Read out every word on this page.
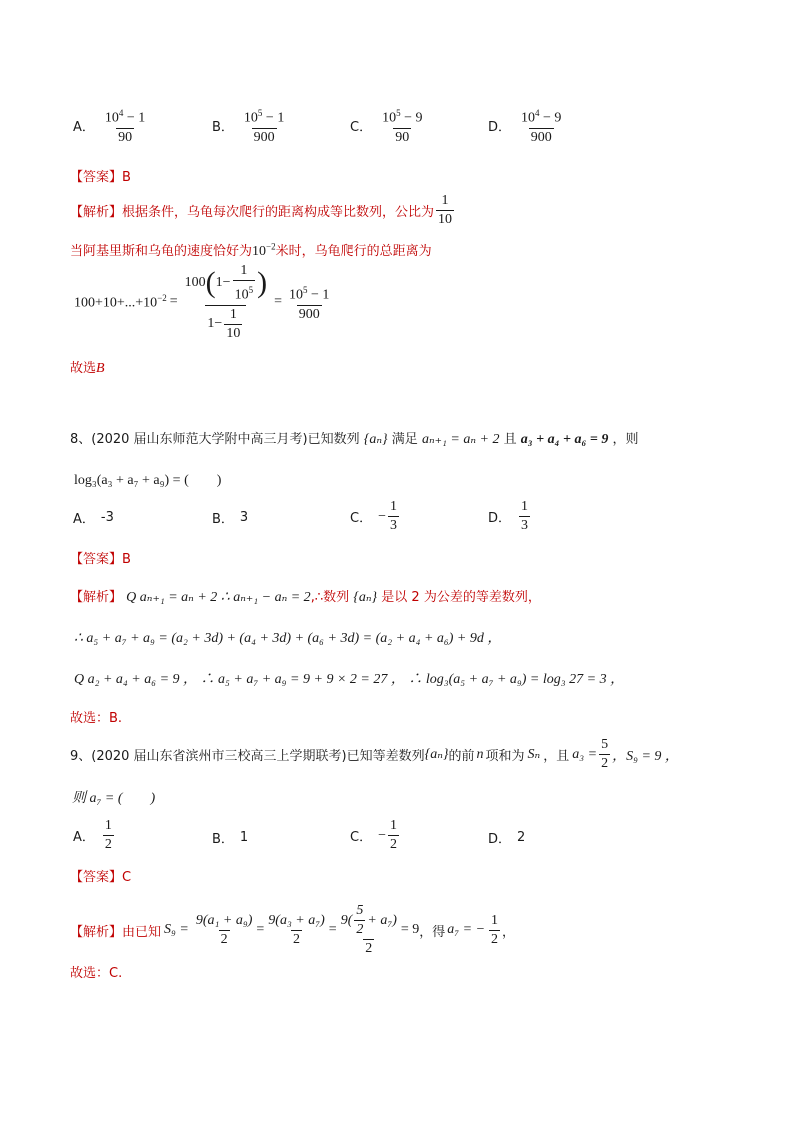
A． $\frac{10^4 - 1}{90}$	B． $\frac{10^5 - 1}{900}$	C． $\frac{10^5 - 9}{90}$	D． $\frac{10^4 - 9}{900}$
【答案】B
【解析】 根据条件，乌龟每次爬行的距离构成等比数列，公比为 $\frac{1}{10}$
当阿基里斯和乌龟的速度恰好为$10^{-2}$米时，乌龟爬行的总距离为
$100+10+...+10^{-2}$ =
100 ( $1- \frac{1}{10^5}$ )
$1- \frac{1}{10}$
= $\frac{10^5 - 1}{900}$
故选B
8、(2020 届山东师范大学附中高三月考)已知数列 {aₙ} 满足 aₙ₊₁ = aₙ + 2 且 a₃ + a₄ + a₆ = 9 ，则
log₃(a₃ + a₇ + a₉) = (　　)
A． -3	B． 3	C． − $\frac{1}{3}$	D． $\frac{1}{3}$
【答案】B
【解析】 Q aₙ₊₁ = aₙ + 2 ∴ aₙ₊₁ − aₙ = 2,∴数列 {aₙ} 是以 2 为公差的等差数列，
∴ a₅ + a₇ + a₉ = (a₂ + 3d) + (a₄ + 3d) + (a₆ + 3d) = (a₂ + a₄ + a₆) + 9d ，
Q a₂ + a₄ + a₆ = 9 ， ∴ a₅ + a₇ + a₉ = 9 + 9 × 2 = 27 ， ∴ log₃(a₅ + a₇ + a₉) = log₃ 27 = 3 ，
故选：B.
9、(2020 届山东省滨州市三校高三上学期联考)已知等差数列 {aₙ} 的前 n 项和为 Sₙ ，且 $a_3 = \frac{5}{2}$ ，S₉ = 9 ，
则 a₇ = (　　)
A． $\frac{1}{2}$	B． 1	C． − $\frac{1}{2}$	D． 2
【答案】C
【解析】 由已知 $S_9 = \frac{\text{9(a₁ + a₉)}}{2} = \frac{\text{9(a₃ + a₇)}}{2} = \frac{9( \frac{5}{2} + a_7)}{2} = 9$ ，得 a₇ = − $\frac{1}{2}$ ，
故选：C.
